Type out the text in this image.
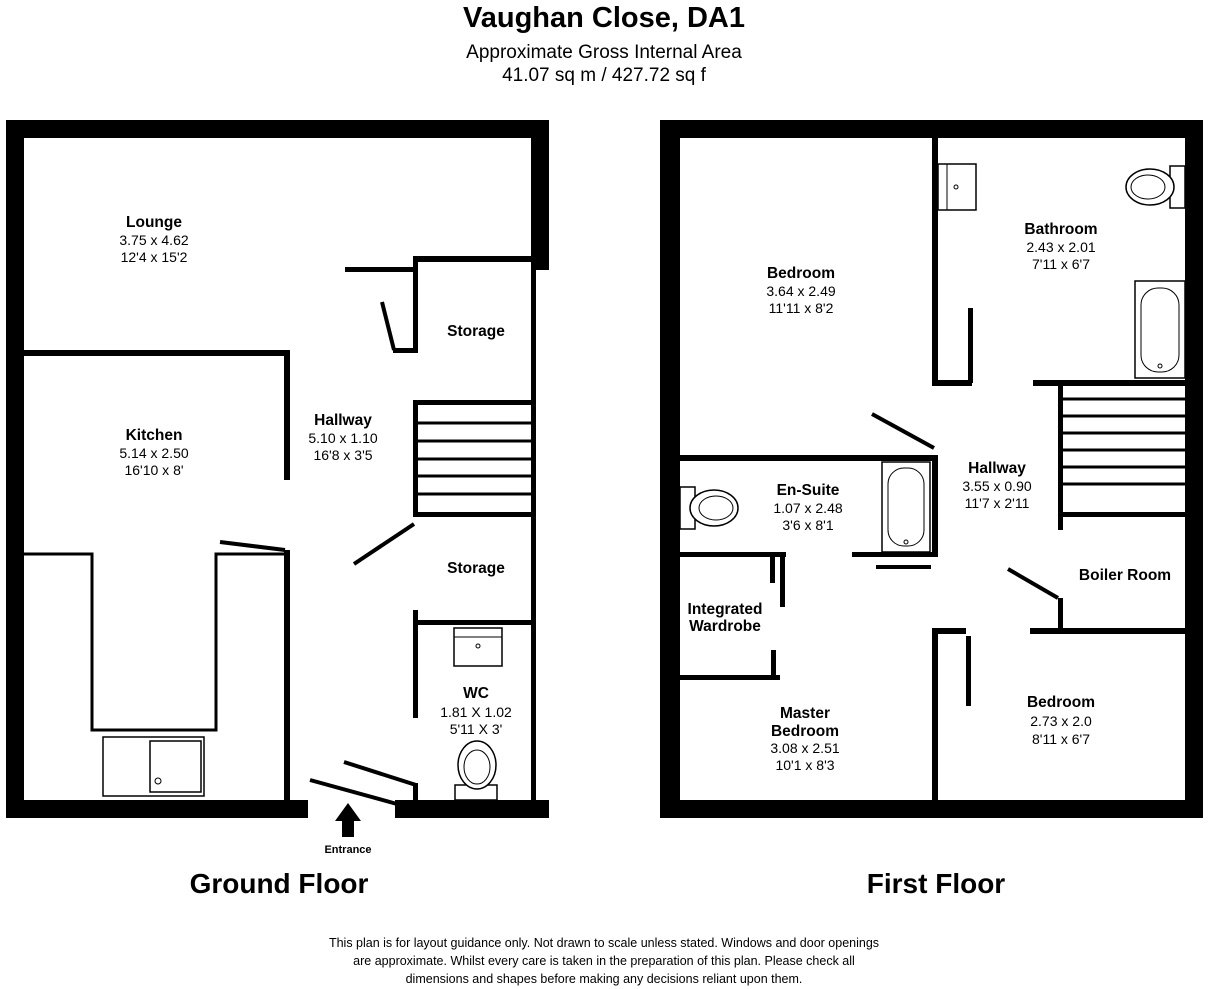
Vaughan Close, DA1
Approximate Gross Internal Area
41.07 sq m / 427.72 sq f
Entrance
Lounge
3.75 x 4.62
12'4 x 15'2
Kitchen
5.14 x 2.50
16'10 x 8'
Hallway
5.10 x 1.10
16'8 x 3'5
Storage
Storage
WC
1.81 X 1.02
5'11 X 3'
Ground Floor
Bedroom
3.64 x 2.49
11'11 x 8'2
Bathroom
2.43 x 2.01
7'11 x 6'7
En-Suite
1.07 x 2.48
3'6 x 8'1
Hallway
3.55 x 0.90
11'7 x 2'11
Boiler Room
Integrated
Wardrobe
Master
Bedroom
3.08 x 2.51
10'1 x 8'3
Bedroom
2.73 x 2.0
8'11 x 6'7
First Floor
This plan is for layout guidance only. Not drawn to scale unless stated. Windows and door openings
are approximate. Whilst every care is taken in the preparation of this plan. Please check all
dimensions and shapes before making any decisions reliant upon them.
